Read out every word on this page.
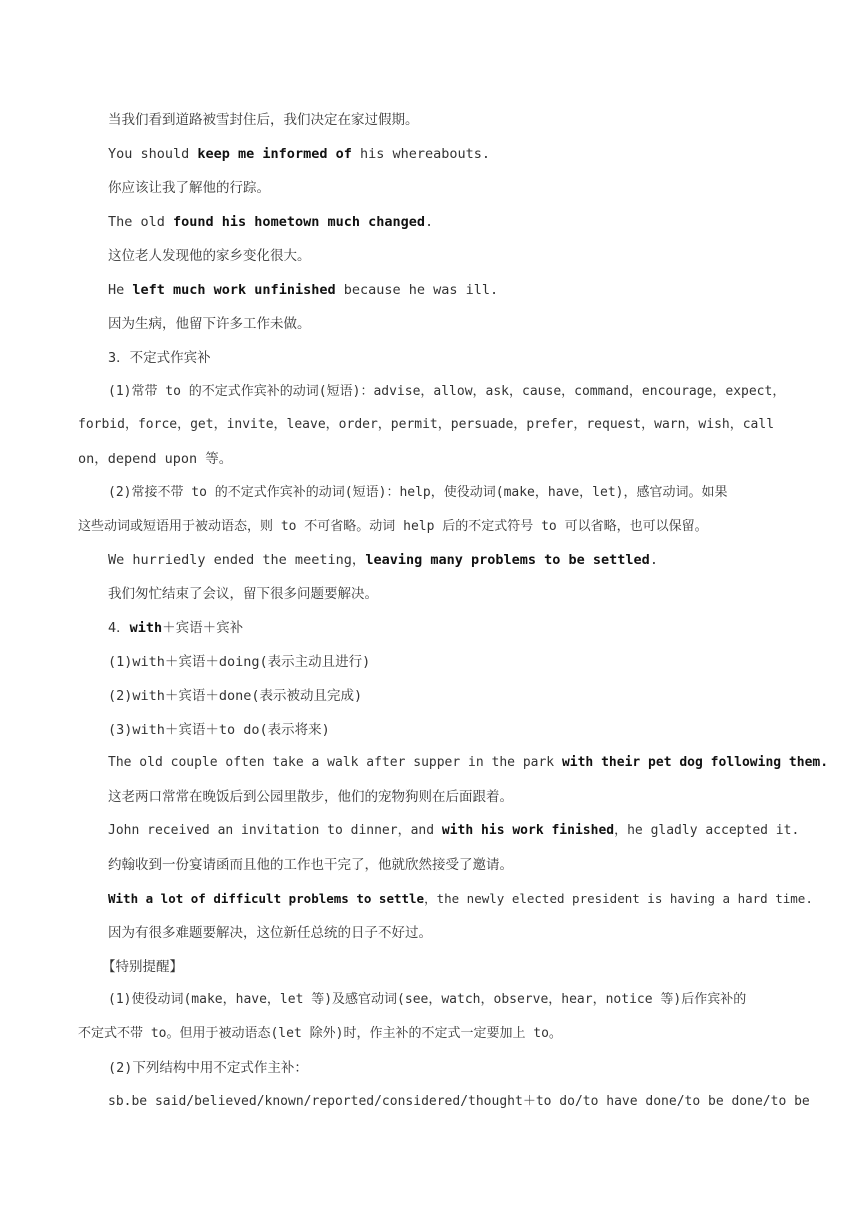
当我们看到道路被雪封住后，我们决定在家过假期。
You should keep me informed of his whereabouts.
你应该让我了解他的行踪。
The old found his hometown much changed.
这位老人发现他的家乡变化很大。
He left much work unfinished because he was ill.
因为生病，他留下许多工作未做。
3．不定式作宾补
(1)常带 to 的不定式作宾补的动词(短语)：advise，allow，ask，cause，command，encourage，expect，
forbid，force，get，invite，leave，order，permit，persuade，prefer，request，warn，wish，call
on，depend upon 等。
(2)常接不带 to 的不定式作宾补的动词(短语)：help，使役动词(make，have，let)，感官动词。如果
这些动词或短语用于被动语态，则 to 不可省略。动词 help 后的不定式符号 to 可以省略，也可以保留。
We hurriedly ended the meeting，leaving many problems to be settled.
我们匆忙结束了会议，留下很多问题要解决。
4．with＋宾语＋宾补
(1)with＋宾语＋doing(表示主动且进行)
(2)with＋宾语＋done(表示被动且完成)
(3)with＋宾语＋to do(表示将来)
The old couple often take a walk after supper in the park with their pet dog following them.
这老两口常常在晚饭后到公园里散步，他们的宠物狗则在后面跟着。
John received an invitation to dinner，and with his work finished，he gladly accepted it.
约翰收到一份宴请函而且他的工作也干完了，他就欣然接受了邀请。
With a lot of difficult problems to settle，the newly elected president is having a hard time.
因为有很多难题要解决，这位新任总统的日子不好过。
【特别提醒】
(1)使役动词(make，have，let 等)及感官动词(see，watch，observe，hear，notice 等)后作宾补的
不定式不带 to。但用于被动语态(let 除外)时，作主补的不定式一定要加上 to。
(2)下列结构中用不定式作主补：
sb.be said/believed/known/reported/considered/thought＋to do/to have done/to be done/to be
